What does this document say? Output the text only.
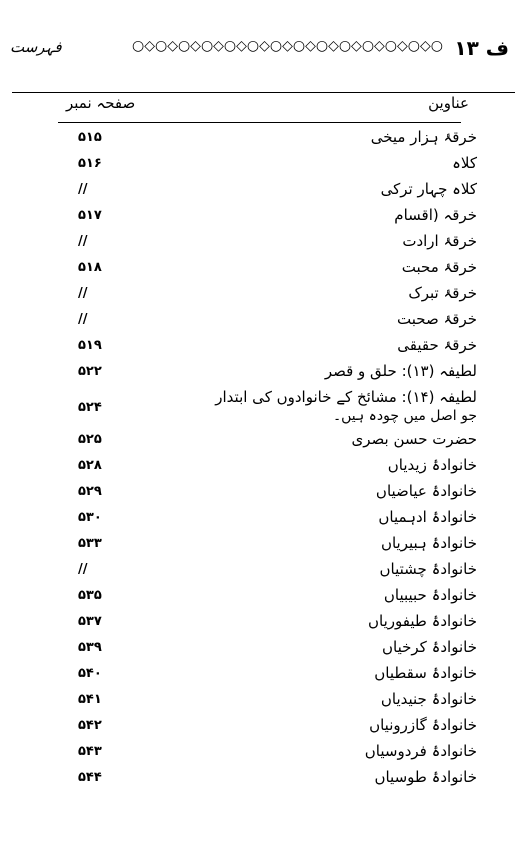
ف ۱۳
○◇○◇○◇○◇○◇○◇○◇○◇○◇○◇○◇○◇○◇○
فہرست
عناوین
صفحہ نمبر
خرقۂ ہزار میخی
۵۱۵
کلاہ
۵۱۶
کلاہ چہار ترکی
//
خرقہ (اقسام
۵۱۷
خرقۂ ارادت
//
خرقۂ محبت
۵۱۸
خرقۂ تبرک
//
خرقۂ صحبت
//
خرقۂ حقیقی
۵۱۹
لطیفہ (۱۳): حلق و قصر
۵۲۲
لطیفہ (۱۴): مشائخ کے خانوادوں کی ابتدار
جو اصل میں چودہ ہیں۔
۵۲۴
حضرت حسن بصری
۵۲۵
خانوادۂ زیدیاں
۵۲۸
خانوادۂ عیاضیاں
۵۲۹
خانوادۂ ادہمیاں
۵۳۰
خانوادۂ ہبیریاں
۵۳۳
خانوادۂ چشتیاں
//
خانوادۂ حبیبیاں
۵۳۵
خانوادۂ طیفوریاں
۵۳۷
خانوادۂ کرخیاں
۵۳۹
خانوادۂ سقطیاں
۵۴۰
خانوادۂ جنیدیاں
۵۴۱
خانوادۂ گازرونیاں
۵۴۲
خانوادۂ فردوسیاں
۵۴۳
خانوادۂ طوسیاں
۵۴۴
